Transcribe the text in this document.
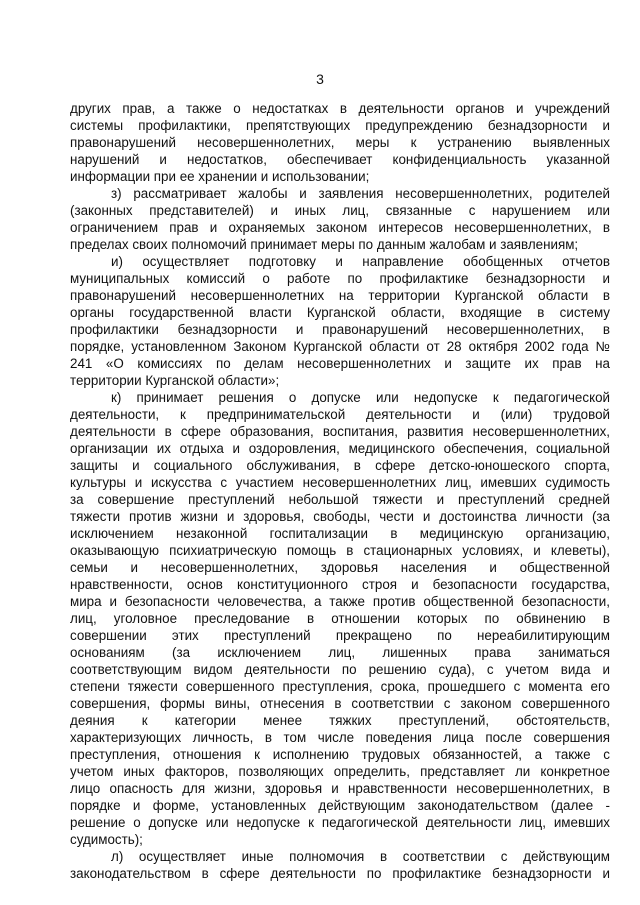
3
других прав, а также о недостатках в деятельности органов и учреждений
системы профилактики, препятствующих предупреждению безнадзорности и
правонарушений несовершеннолетних, меры к устранению выявленных
нарушений и недостатков, обеспечивает конфиденциальность указанной
информации при ее хранении и использовании;
з) рассматривает жалобы и заявления несовершеннолетних, родителей
(законных представителей) и иных лиц, связанные с нарушением или
ограничением прав и охраняемых законом интересов несовершеннолетних, в
пределах своих полномочий принимает меры по данным жалобам и заявлениям;
и) осуществляет подготовку и направление обобщенных отчетов
муниципальных комиссий о работе по профилактике безнадзорности и
правонарушений несовершеннолетних на территории Курганской области в
органы государственной власти Курганской области, входящие в систему
профилактики безнадзорности и правонарушений несовершеннолетних, в
порядке, установленном Законом Курганской области от 28 октября 2002 года №
241 «О комиссиях по делам несовершеннолетних и защите их прав на
территории Курганской области»;
к) принимает решения о допуске или недопуске к педагогической
деятельности, к предпринимательской деятельности и (или) трудовой
деятельности в сфере образования, воспитания, развития несовершеннолетних,
организации их отдыха и оздоровления, медицинского обеспечения, социальной
защиты и социального обслуживания, в сфере детско-юношеского спорта,
культуры и искусства с участием несовершеннолетних лиц, имевших судимость
за совершение преступлений небольшой тяжести и преступлений средней
тяжести против жизни и здоровья, свободы, чести и достоинства личности (за
исключением незаконной госпитализации в медицинскую организацию,
оказывающую психиатрическую помощь в стационарных условиях, и клеветы),
семьи и несовершеннолетних, здоровья населения и общественной
нравственности, основ конституционного строя и безопасности государства,
мира и безопасности человечества, а также против общественной безопасности,
лиц, уголовное преследование в отношении которых по обвинению в
совершении этих преступлений прекращено по нереабилитирующим
основаниям (за исключением лиц, лишенных права заниматься
соответствующим видом деятельности по решению суда), с учетом вида и
степени тяжести совершенного преступления, срока, прошедшего с момента его
совершения, формы вины, отнесения в соответствии с законом совершенного
деяния к категории менее тяжких преступлений, обстоятельств,
характеризующих личность, в том числе поведения лица после совершения
преступления, отношения к исполнению трудовых обязанностей, а также с
учетом иных факторов, позволяющих определить, представляет ли конкретное
лицо опасность для жизни, здоровья и нравственности несовершеннолетних, в
порядке и форме, установленных действующим законодательством (далее -
решение о допуске или недопуске к педагогической деятельности лиц, имевших
судимость);
л) осуществляет иные полномочия в соответствии с действующим
законодательством в сфере деятельности по профилактике безнадзорности и
